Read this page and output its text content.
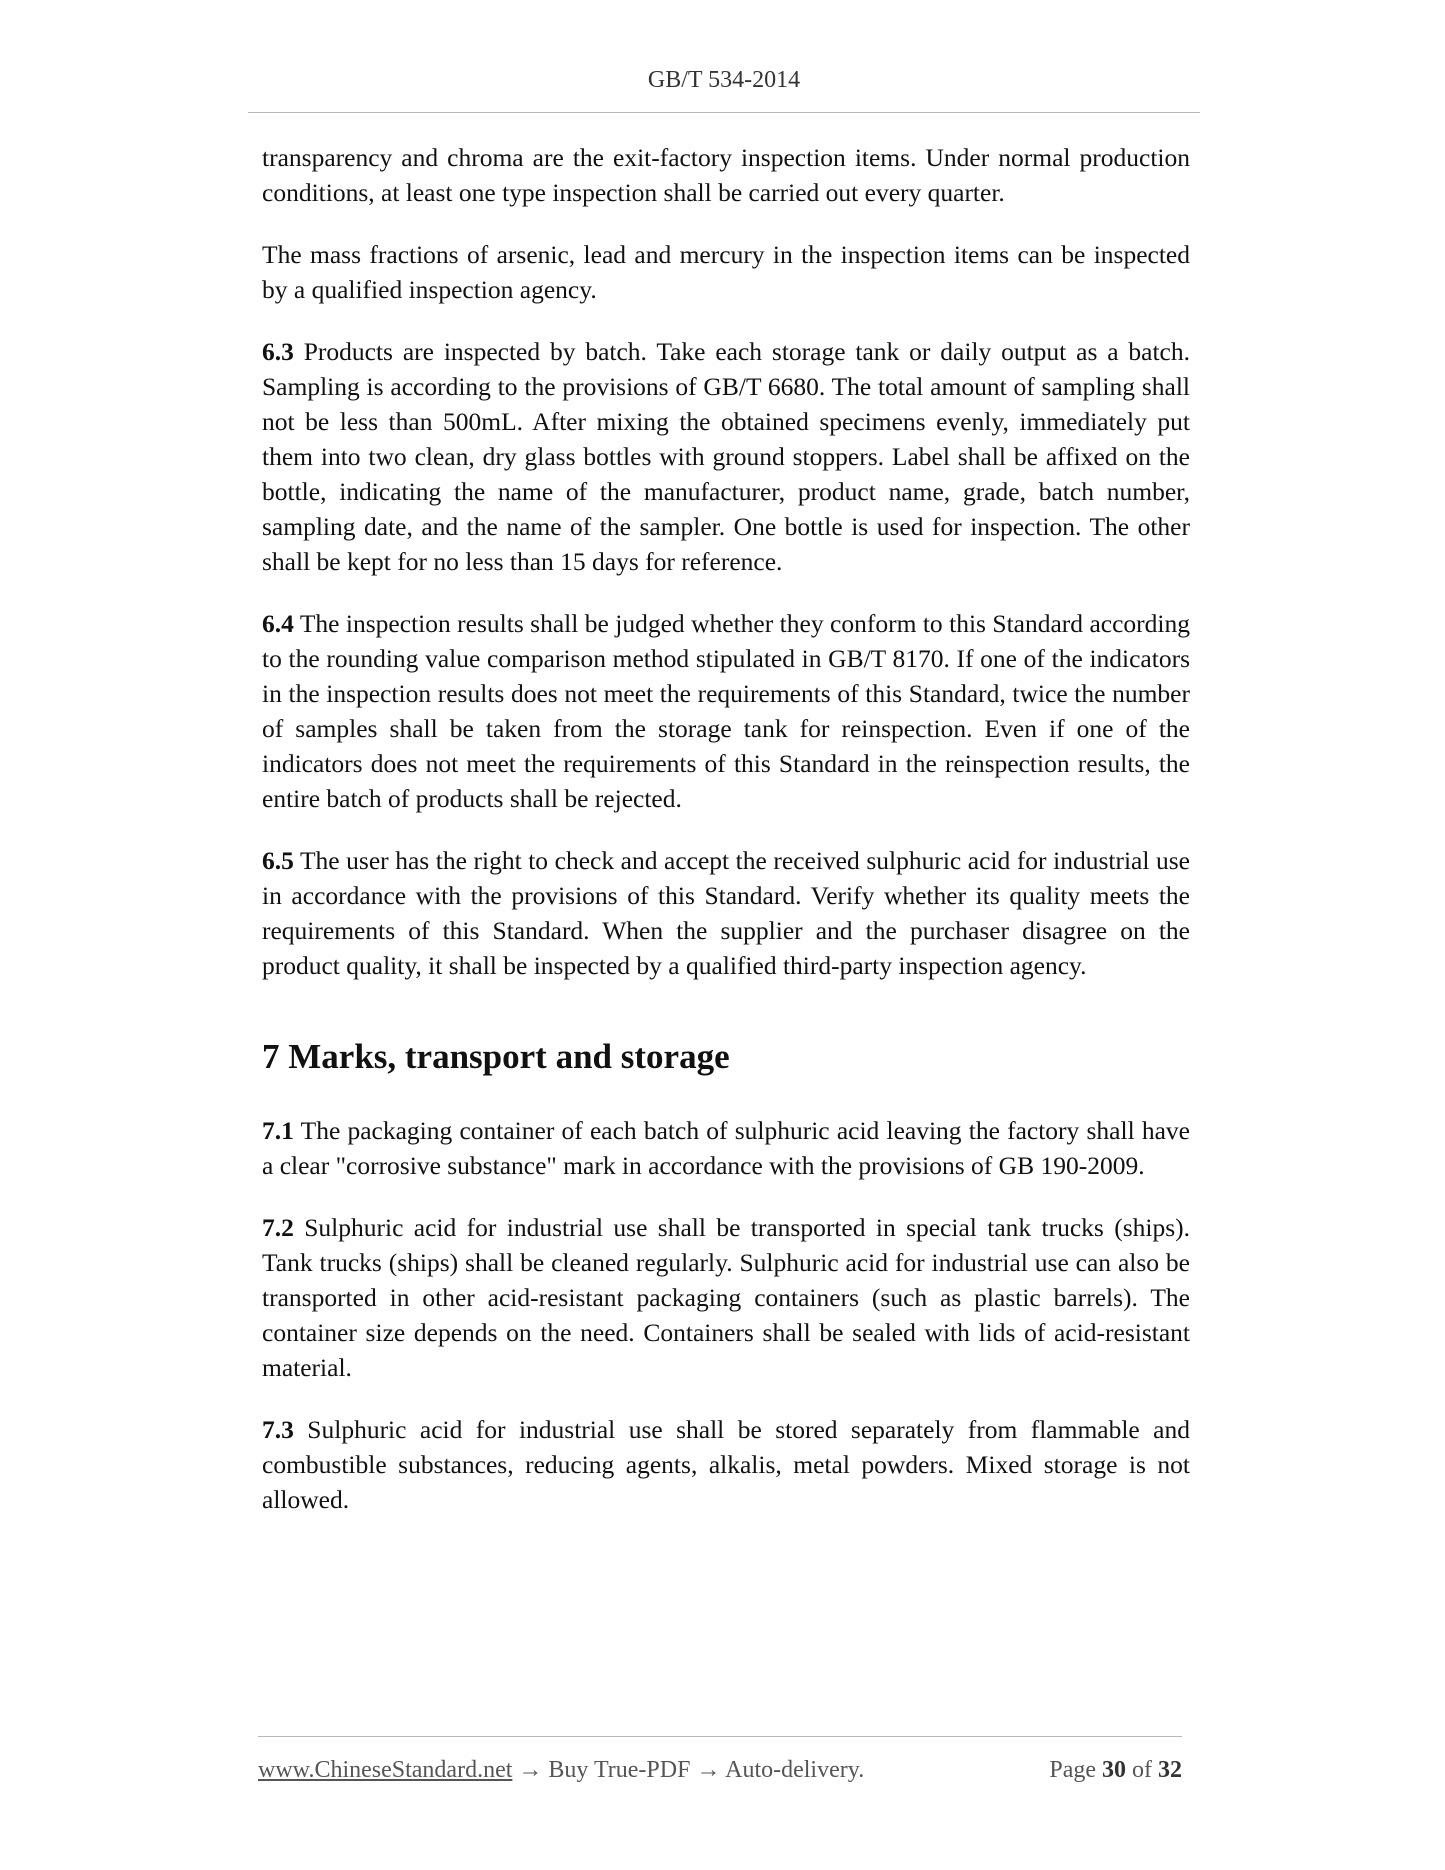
GB/T 534-2014

transparency and chroma are the exit-factory inspection items. Under normal production conditions, at least one type inspection shall be carried out every quarter.

The mass fractions of arsenic, lead and mercury in the inspection items can be inspected by a qualified inspection agency.

6.3 Products are inspected by batch. Take each storage tank or daily output as a batch. Sampling is according to the provisions of GB/T 6680. The total amount of sampling shall not be less than 500mL. After mixing the obtained specimens evenly, immediately put them into two clean, dry glass bottles with ground stoppers. Label shall be affixed on the bottle, indicating the name of the manufacturer, product name, grade, batch number, sampling date, and the name of the sampler. One bottle is used for inspection. The other shall be kept for no less than 15 days for reference.

6.4 The inspection results shall be judged whether they conform to this Standard according to the rounding value comparison method stipulated in GB/T 8170. If one of the indicators in the inspection results does not meet the requirements of this Standard, twice the number of samples shall be taken from the storage tank for reinspection. Even if one of the indicators does not meet the requirements of this Standard in the reinspection results, the entire batch of products shall be rejected.

6.5 The user has the right to check and accept the received sulphuric acid for industrial use in accordance with the provisions of this Standard. Verify whether its quality meets the requirements of this Standard. When the supplier and the purchaser disagree on the product quality, it shall be inspected by a qualified third-party inspection agency.

7 Marks, transport and storage

7.1 The packaging container of each batch of sulphuric acid leaving the factory shall have a clear "corrosive substance" mark in accordance with the provisions of GB 190-2009.

7.2 Sulphuric acid for industrial use shall be transported in special tank trucks (ships). Tank trucks (ships) shall be cleaned regularly. Sulphuric acid for industrial use can also be transported in other acid-resistant packaging containers (such as plastic barrels). The container size depends on the need. Containers shall be sealed with lids of acid-resistant material.

7.3 Sulphuric acid for industrial use shall be stored separately from flammable and combustible substances, reducing agents, alkalis, metal powders. Mixed storage is not allowed.

www.ChineseStandard.net → Buy True-PDF → Auto-delivery.	Page 30 of 32
